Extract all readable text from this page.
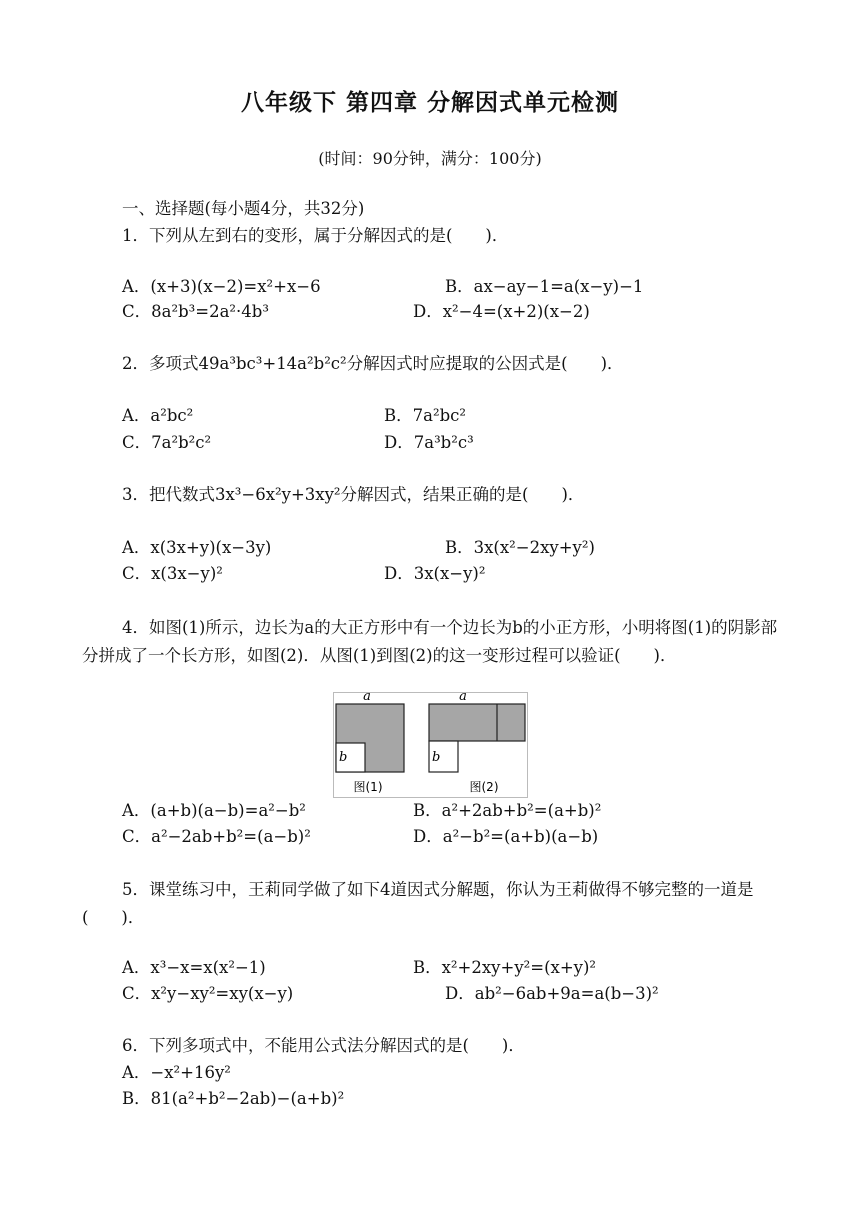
八年级下 第四章 分解因式单元检测
(时间：90分钟，满分：100分)
一、选择题(每小题4分，共32分)
1．下列从左到右的变形，属于分解因式的是(　　)．
A．(x+3)(x−2)=x²+x−6	B．ax−ay−1=a(x−y)−1
C．8a²b³=2a²·4b³	D．x²−4=(x+2)(x−2)
2．多项式49a³bc³+14a²b²c²分解因式时应提取的公因式是(　　)．
A．a²bc²	B．7a²bc²
C．7a²b²c²	D．7a³b²c³
3．把代数式3x³−6x²y+3xy²分解因式，结果正确的是(　　)．
A．x(3x+y)(x−3y)	B．3x(x²−2xy+y²)
C．x(3x−y)²	D．3x(x−y)²
4．如图(1)所示，边长为a的大正方形中有一个边长为b的小正方形，小明将图(1)的阴影部分拼成了一个长方形，如图(2)．从图(1)到图(2)的这一变形过程可以验证(　　)．
a
b
图(1)
a
b
图(2)
A．(a+b)(a−b)=a²−b²	B．a²+2ab+b²=(a+b)²
C．a²−2ab+b²=(a−b)²	D．a²−b²=(a+b)(a−b)
5．课堂练习中，王莉同学做了如下4道因式分解题，你认为王莉做得不够完整的一道是(　　)．
A．x³−x=x(x²−1)	B．x²+2xy+y²=(x+y)²
C．x²y−xy²=xy(x−y)	D．ab²−6ab+9a=a(b−3)²
6．下列多项式中，不能用公式法分解因式的是(　　)．
A．−x²+16y²
B．81(a²+b²−2ab)−(a+b)²
